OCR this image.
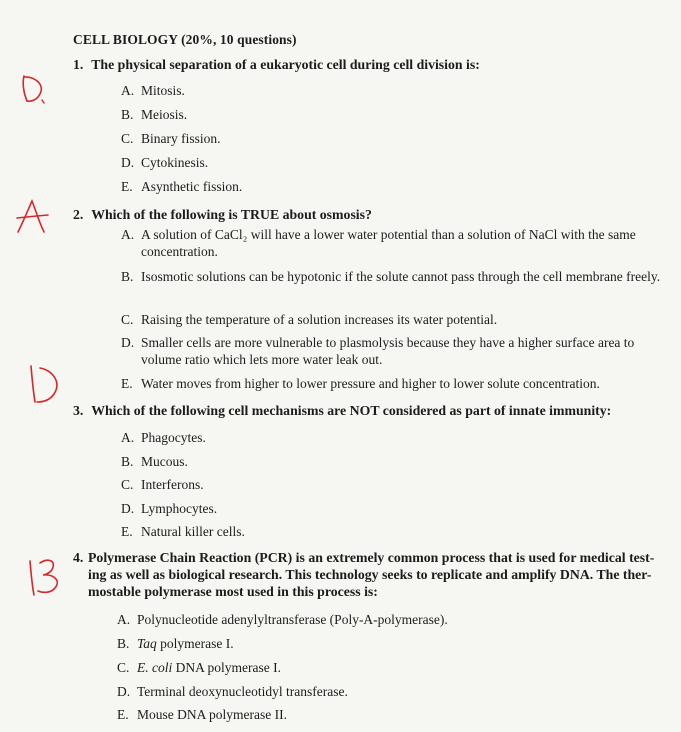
CELL BIOLOGY (20%, 10 questions)
1. The physical separation of a eukaryotic cell during cell division is:
A. Mitosis.
B. Meiosis.
C. Binary fission.
D. Cytokinesis.
E. Asynthetic fission.
2. Which of the following is TRUE about osmosis?
A. A solution of CaCl₂ will have a lower water potential than a solution of NaCl with the same concentration.
B. Isosmotic solutions can be hypotonic if the solute cannot pass through the cell membrane freely.
C. Raising the temperature of a solution increases its water potential.
D. Smaller cells are more vulnerable to plasmolysis because they have a higher surface area to volume ratio which lets more water leak out.
E. Water moves from higher to lower pressure and higher to lower solute concentration.
3. Which of the following cell mechanisms are NOT considered as part of innate immunity:
A. Phagocytes.
B. Mucous.
C. Interferons.
D. Lymphocytes.
E. Natural killer cells.
4. Polymerase Chain Reaction (PCR) is an extremely common process that is used for medical test-
ing as well as biological research. This technology seeks to replicate and amplify DNA. The ther-
mostable polymerase most used in this process is:
A. Polynucleotide adenylyltransferase (Poly-A-polymerase).
B. Taq polymerase I.
C. E. coli DNA polymerase I.
D. Terminal deoxynucleotidyl transferase.
E. Mouse DNA polymerase II.
